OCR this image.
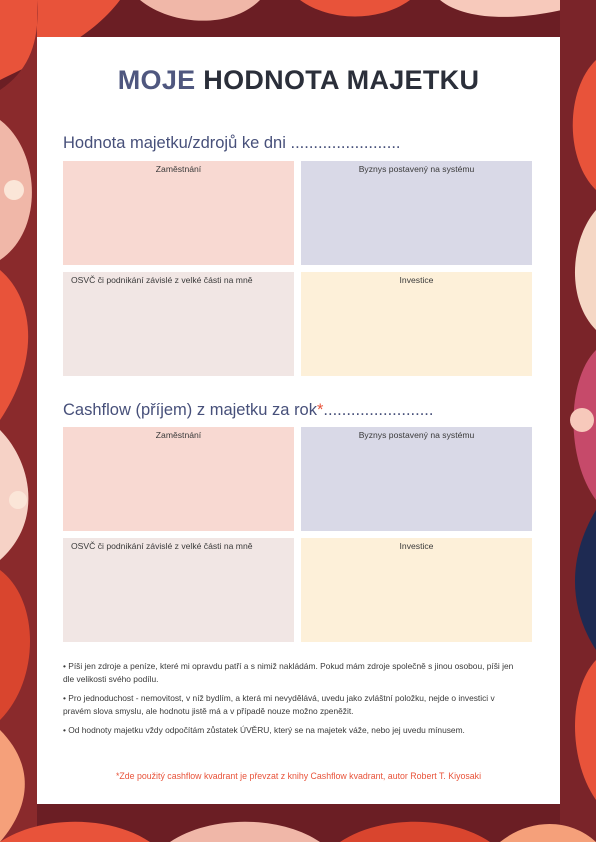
MOJE HODNOTA MAJETKU
Hodnota majetku/zdrojů ke dni ........................
Zaměstnání	Byznys postavený na systému
OSVČ či podnikání závislé z velké části na mně	Investice
Cashflow (příjem) z majetku za rok*........................
Zaměstnání	Byznys postavený na systému
OSVČ či podnikání závislé z velké části na mně	Investice

• Píši jen zdroje a peníze, které mi opravdu patří a s nimiž nakládám. Pokud mám zdroje společně s jinou osobou, píši jen dle velikosti svého podílu.

• Pro jednoduchost - nemovitost, v níž bydlím, a která mi nevydělává, uvedu jako zvláštní položku, nejde o investici v pravém slova smyslu, ale hodnotu jistě má a v případě nouze možno zpeněžit.

• Od hodnoty majetku vždy odpočítám zůstatek ÚVĚRU, který se na majetek váže, nebo jej uvedu mínusem.

*Zde použitý cashflow kvadrant je převzat z knihy Cashflow kvadrant, autor Robert T. Kiyosaki
